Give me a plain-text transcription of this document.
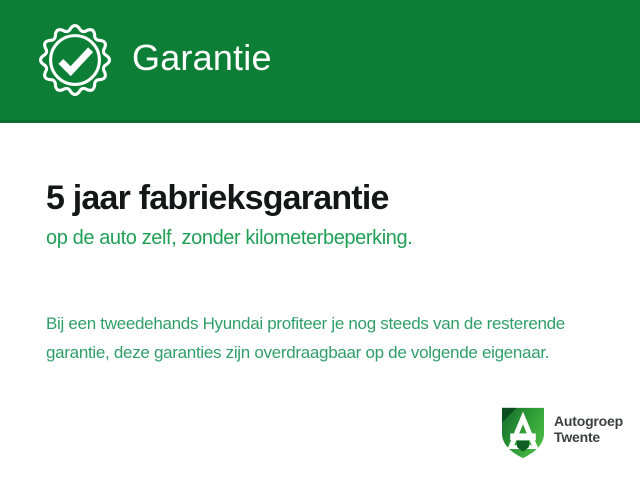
Garantie
5 jaar fabrieksgarantie
op de auto zelf, zonder kilometerbeperking.

Bij een tweedehands Hyundai profiteer je nog steeds van de resterende
garantie, deze garanties zijn overdraagbaar op de volgende eigenaar.

Autogroep
Twente
